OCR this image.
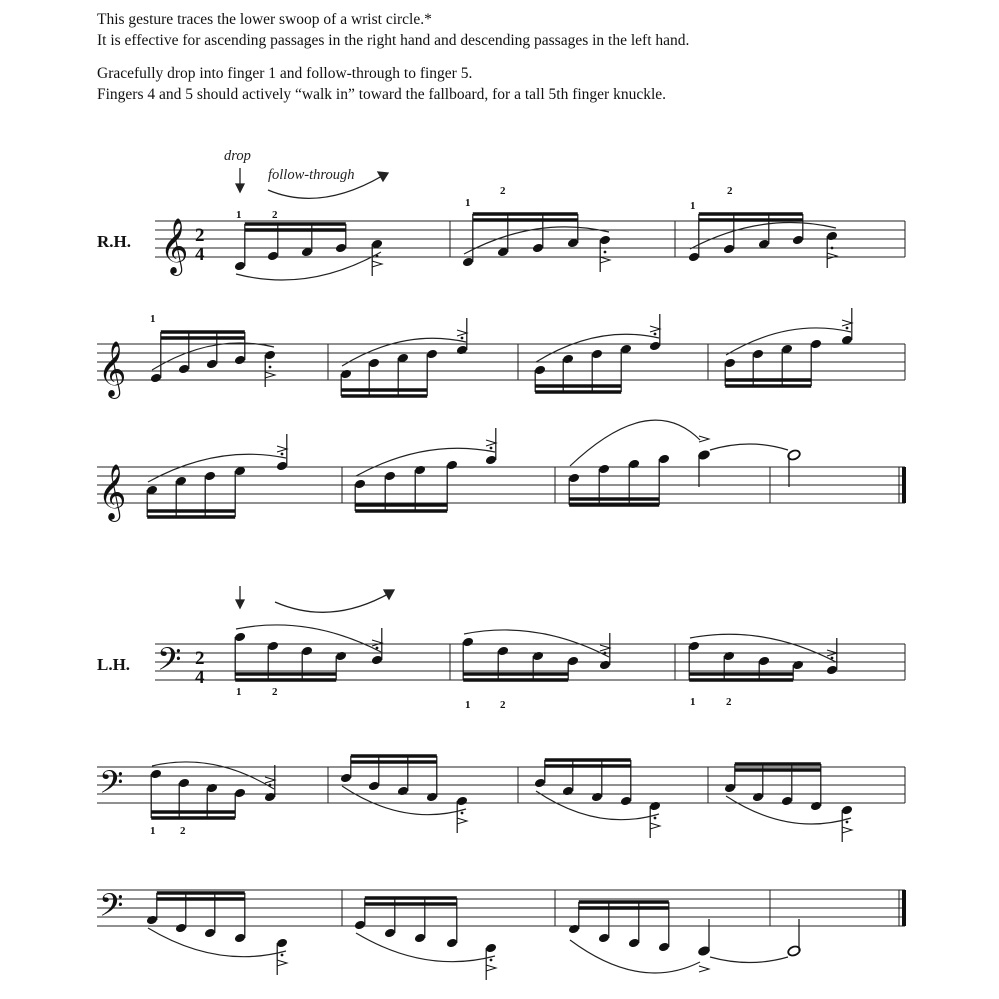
This gesture traces the lower swoop of a wrist circle.*

It is effective for ascending passages in the right hand and descending passages in the left hand.

Gracefully drop into finger 1 and follow-through to finger 5.

Fingers 4 and 5 should actively “walk in” toward the fallboard, for a tall 5th finger knuckle.

R.H.
L.H.
𝄞
𝄞
𝄞
𝄢
𝄢
𝄢
2
4
2
4
drop
follow-through
1	2
1
2
1
2
1
1	2
1	2	1	2
1 2
